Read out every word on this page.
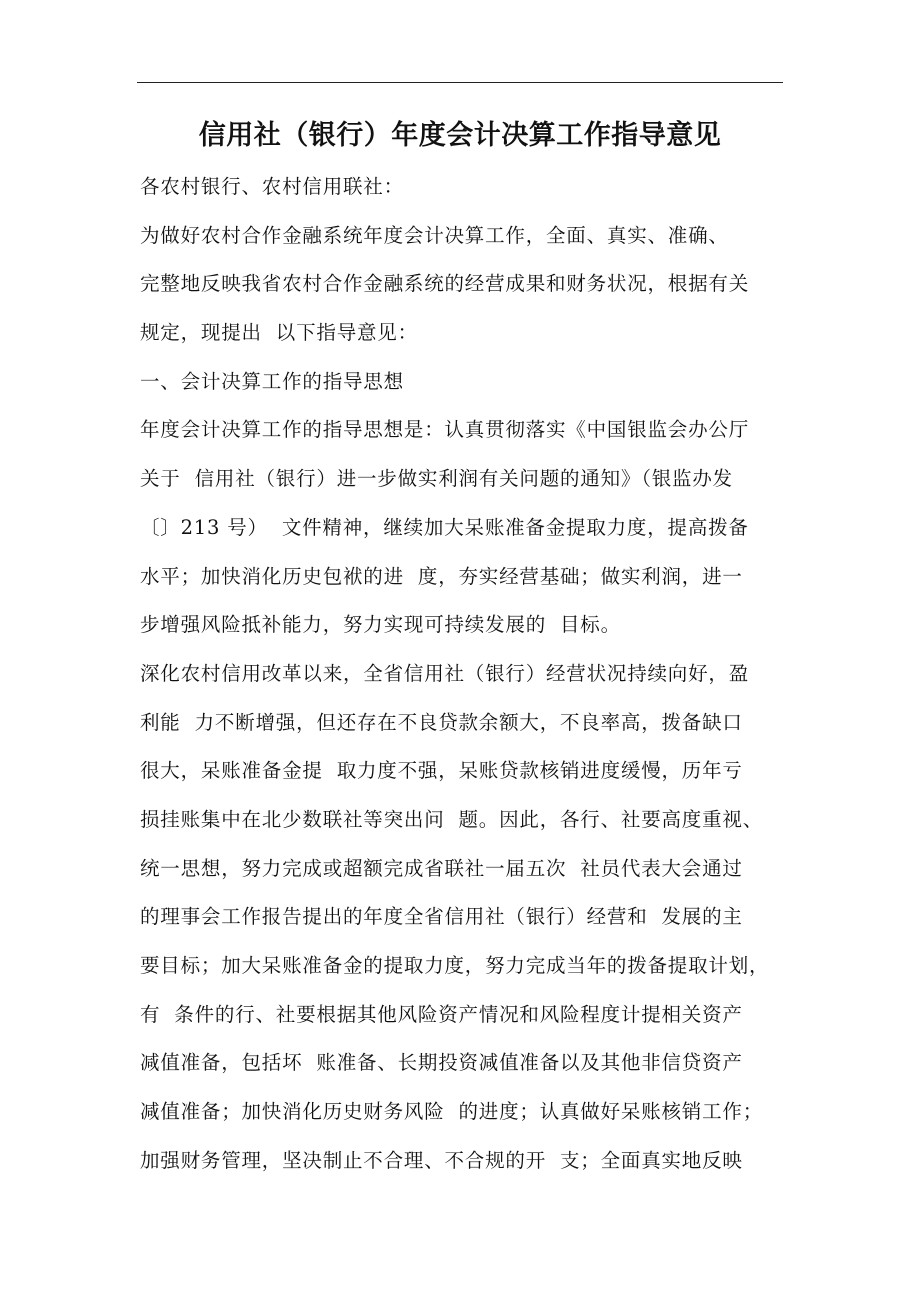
信用社（银行）年度会计决算工作指导意见
各农村银行、农村信用联社：
为做好农村合作金融系统年度会计决算工作，全面、真实、准确、
完整地反映我省农村合作金融系统的经营成果和财务状况，根据有关
规定，现提出  以下指导意见：
一、会计决算工作的指导思想
年度会计决算工作的指导思想是：认真贯彻落实《中国银监会办公厅
关于  信用社（银行）进一步做实利润有关问题的通知》（银监办发
〔〕213 号）  文件精神，继续加大呆账准备金提取力度，提高拨备
水平；加快消化历史包袱的进  度，夯实经营基础；做实利润，进一
步增强风险抵补能力，努力实现可持续发展的  目标。
深化农村信用改革以来，全省信用社（银行）经营状况持续向好，盈
利能  力不断增强，但还存在不良贷款余额大，不良率高，拨备缺口
很大，呆账准备金提  取力度不强，呆账贷款核销进度缓慢，历年亏
损挂账集中在北少数联社等突出问  题。因此，各行、社要高度重视、
统一思想，努力完成或超额完成省联社一届五次  社员代表大会通过
的理事会工作报告提出的年度全省信用社（银行）经营和  发展的主
要目标；加大呆账准备金的提取力度，努力完成当年的拨备提取计划，
有  条件的行、社要根据其他风险资产情况和风险程度计提相关资产
减值准备，包括坏  账准备、长期投资减值准备以及其他非信贷资产
减值准备；加快消化历史财务风险  的进度；认真做好呆账核销工作；
加强财务管理，坚决制止不合理、不合规的开  支；全面真实地反映
